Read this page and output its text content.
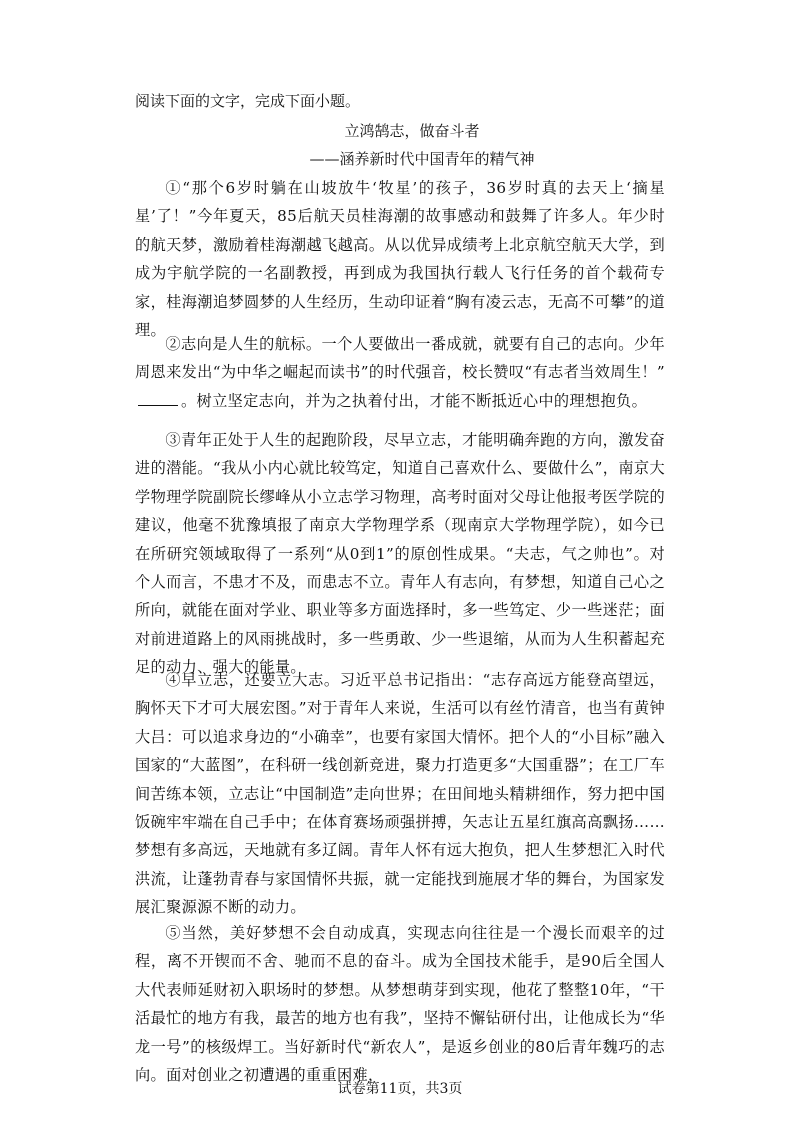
阅读下面的文字，完成下面小题。
立鸿鹄志，做奋斗者
——涵养新时代中国青年的精气神
①“那个6岁时躺在山坡放牛‘牧星’的孩子，36岁时真的去天上‘摘星星’了！”今年夏天，85后航天员桂海潮的故事感动和鼓舞了许多人。年少时的航天梦，激励着桂海潮越飞越高。从以优异成绩考上北京航空航天大学，到成为宇航学院的一名副教授，再到成为我国执行载人飞行任务的首个载荷专家，桂海潮追梦圆梦的人生经历，生动印证着“胸有凌云志，无高不可攀”的道理。
②志向是人生的航标。一个人要做出一番成就，就要有自己的志向。少年周恩来发出“为中华之崛起而读书”的时代强音，校长赞叹“有志者当效周生！”。树立坚定志向，并为之执着付出，才能不断抵近心中的理想抱负。
③青年正处于人生的起跑阶段，尽早立志，才能明确奔跑的方向，激发奋进的潜能。“我从小内心就比较笃定，知道自己喜欢什么、要做什么”，南京大学物理学院副院长缪峰从小立志学习物理，高考时面对父母让他报考医学院的建议，他毫不犹豫填报了南京大学物理学系（现南京大学物理学院），如今已在所研究领域取得了一系列“从0到1”的原创性成果。“夫志，气之帅也”。对个人而言，不患才不及，而患志不立。青年人有志向，有梦想，知道自己心之所向，就能在面对学业、职业等多方面选择时，多一些笃定、少一些迷茫；面对前进道路上的风雨挑战时，多一些勇敢、少一些退缩，从而为人生积蓄起充足的动力、强大的能量。
④早立志，还要立大志。习近平总书记指出：“志存高远方能登高望远，胸怀天下才可大展宏图。”对于青年人来说，生活可以有丝竹清音，也当有黄钟大吕：可以追求身边的“小确幸”，也要有家国大情怀。把个人的“小目标”融入国家的“大蓝图”，在科研一线创新竞进，聚力打造更多“大国重器”；在工厂车间苦练本领，立志让“中国制造”走向世界；在田间地头精耕细作，努力把中国饭碗牢牢端在自己手中；在体育赛场顽强拼搏，矢志让五星红旗高高飘扬……梦想有多高远，天地就有多辽阔。青年人怀有远大抱负，把人生梦想汇入时代洪流，让蓬勃青春与家国情怀共振，就一定能找到施展才华的舞台，为国家发展汇聚源源不断的动力。
⑤当然，美好梦想不会自动成真，实现志向往往是一个漫长而艰辛的过程，离不开锲而不舍、驰而不息的奋斗。成为全国技术能手，是90后全国人大代表师延财初入职场时的梦想。从梦想萌芽到实现，他花了整整10年，“干活最忙的地方有我，最苦的地方也有我”，坚持不懈钻研付出，让他成长为“华龙一号”的核级焊工。当好新时代“新农人”，是返乡创业的80后青年魏巧的志向。面对创业之初遭遇的重重困难，
试卷第11页，共3页
